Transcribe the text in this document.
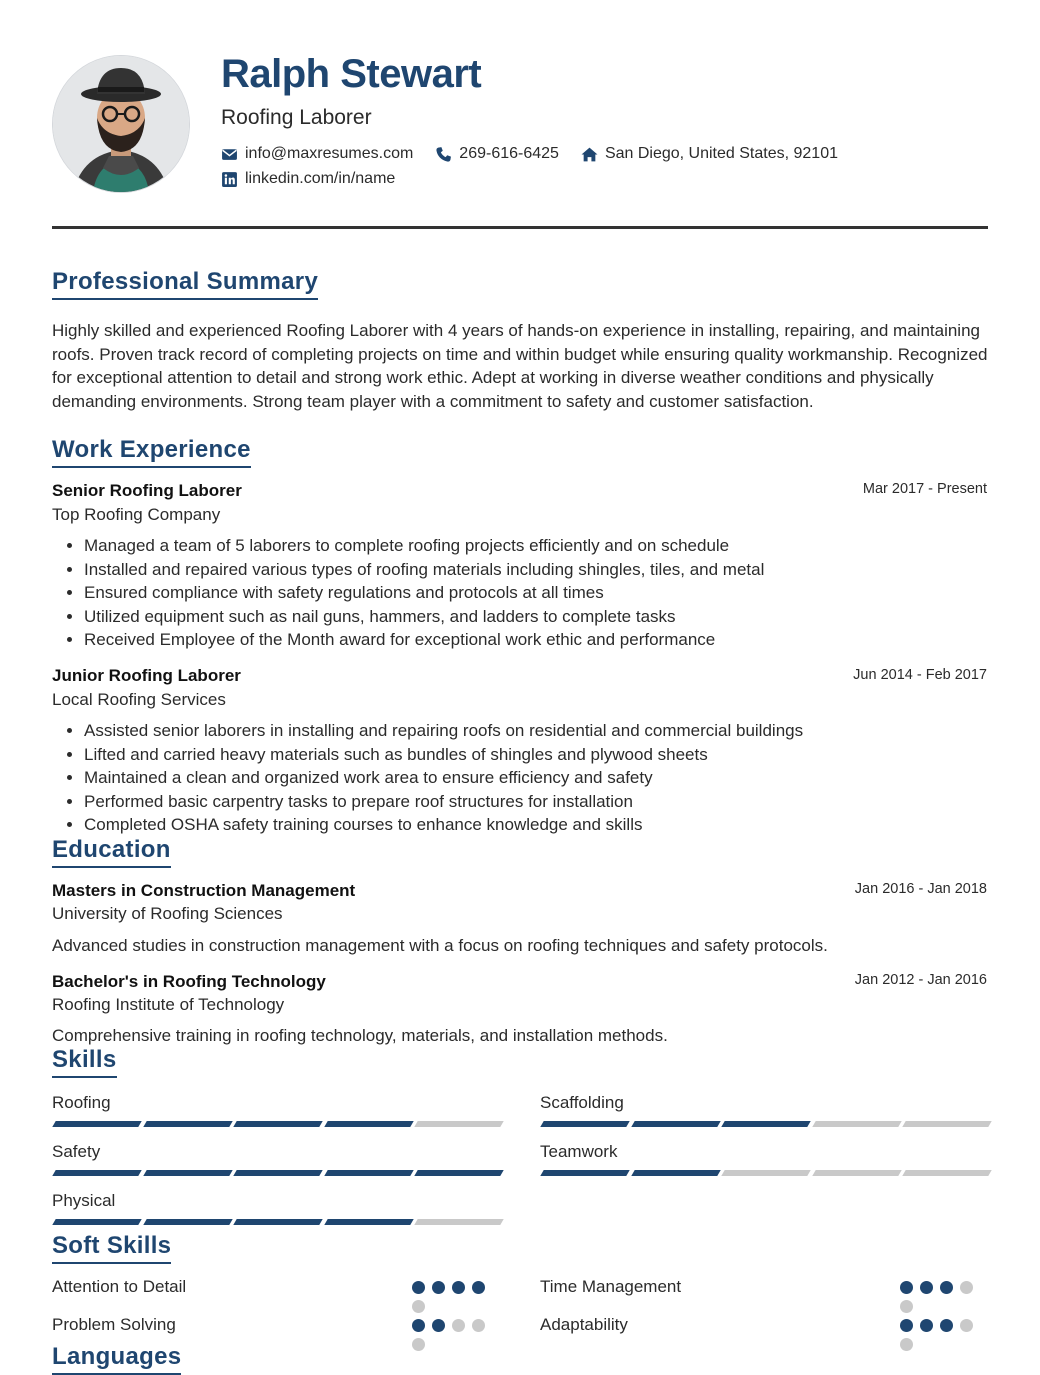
Ralph Stewart
Roofing Laborer
info@maxresumes.com	269-616-6425	San Diego, United States, 92101
linkedin.com/in/name
Professional Summary
Highly skilled and experienced Roofing Laborer with 4 years of hands-on experience in installing, repairing, and maintaining roofs. Proven track record of completing projects on time and within budget while ensuring quality workmanship. Recognized for exceptional attention to detail and strong work ethic. Adept at working in diverse weather conditions and physically demanding environments. Strong team player with a commitment to safety and customer satisfaction.
Work Experience
Senior Roofing Laborer	Mar 2017 - Present
Top Roofing Company
• Managed a team of 5 laborers to complete roofing projects efficiently and on schedule
• Installed and repaired various types of roofing materials including shingles, tiles, and metal
• Ensured compliance with safety regulations and protocols at all times
• Utilized equipment such as nail guns, hammers, and ladders to complete tasks
• Received Employee of the Month award for exceptional work ethic and performance
Junior Roofing Laborer	Jun 2014 - Feb 2017
Local Roofing Services
• Assisted senior laborers in installing and repairing roofs on residential and commercial buildings
• Lifted and carried heavy materials such as bundles of shingles and plywood sheets
• Maintained a clean and organized work area to ensure efficiency and safety
• Performed basic carpentry tasks to prepare roof structures for installation
• Completed OSHA safety training courses to enhance knowledge and skills
Education
Masters in Construction Management	Jan 2016 - Jan 2018
University of Roofing Sciences
Advanced studies in construction management with a focus on roofing techniques and safety protocols.
Bachelor's in Roofing Technology	Jan 2012 - Jan 2016
Roofing Institute of Technology
Comprehensive training in roofing technology, materials, and installation methods.
Skills
Roofing	Scaffolding
Safety	Teamwork
Physical
Soft Skills
Attention to Detail	Time Management
Problem Solving	Adaptability
Languages
